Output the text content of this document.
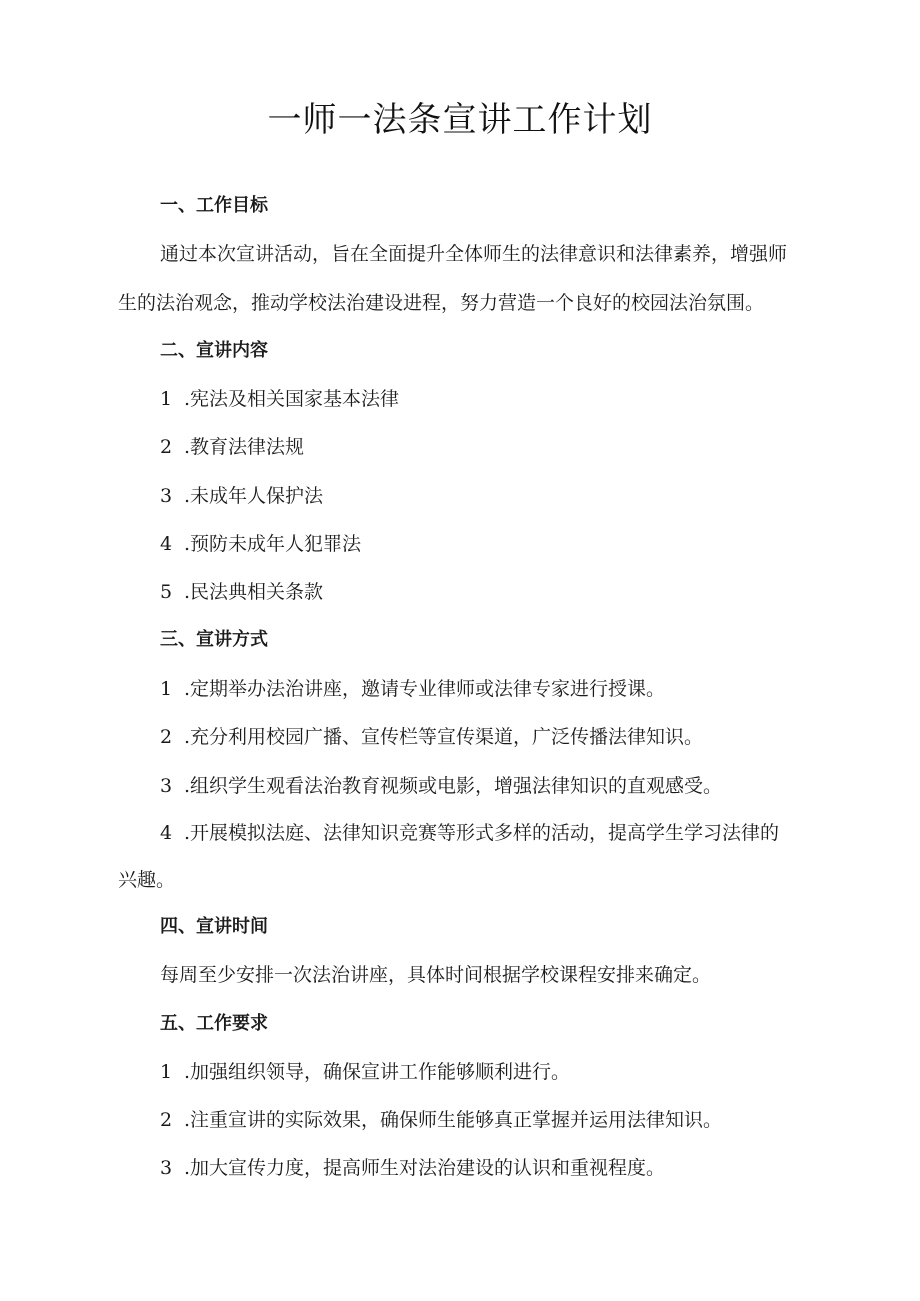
一师一法条宣讲工作计划
一、工作目标
通过本次宣讲活动，旨在全面提升全体师生的法律意识和法律素养，增强师
生的法治观念，推动学校法治建设进程，努力营造一个良好的校园法治氛围。
二、宣讲内容
1 .宪法及相关国家基本法律
2 .教育法律法规
3 .未成年人保护法
4 .预防未成年人犯罪法
5 .民法典相关条款
三、宣讲方式
1 .定期举办法治讲座，邀请专业律师或法律专家进行授课。
2 .充分利用校园广播、宣传栏等宣传渠道，广泛传播法律知识。
3 .组织学生观看法治教育视频或电影，增强法律知识的直观感受。
4 .开展模拟法庭、法律知识竞赛等形式多样的活动，提高学生学习法律的
兴趣。
四、宣讲时间
每周至少安排一次法治讲座，具体时间根据学校课程安排来确定。
五、工作要求
1 .加强组织领导，确保宣讲工作能够顺利进行。
2 .注重宣讲的实际效果，确保师生能够真正掌握并运用法律知识。
3 .加大宣传力度，提高师生对法治建设的认识和重视程度。
